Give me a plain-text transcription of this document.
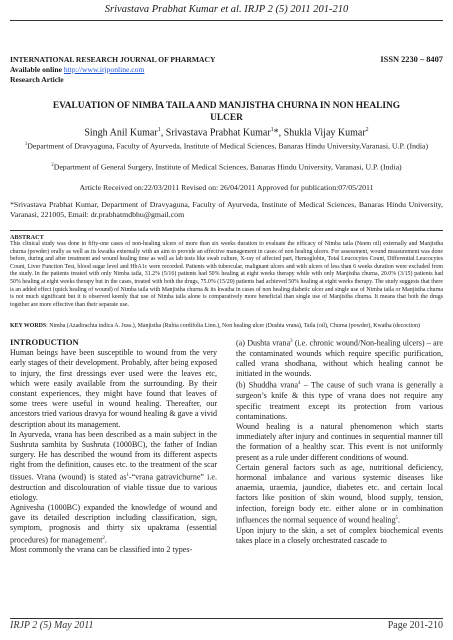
Srivastava Prabhat Kumar et al. IRJP 2 (5) 2011 201-210
INTERNATIONAL RESEARCH JOURNAL OF PHARMACY	ISSN 2230 – 8407
Available online http://www.irjponline.com
Research Article
EVALUATION OF NIMBA TAILA AND MANJISTHA CHURNA IN NON HEALING
ULCER
Singh Anil Kumar$^1$, Srivastava Prabhat Kumar$^1$*, Shukla Vijay Kumar$^2$
$^1$Department of Dravyaguna, Faculty of Ayurveda, Institute of Medical Sciences, Banaras Hindu University,Varanasi, U.P. (India)
$^2$Department of General Surgery, Institute of Medical Sciences, Banaras Hindu University, Varanasi, U.P. (India)
Article Received on:22/03/2011 Revised on: 26/04/2011 Approved for publication:07/05/2011
*Srivastava Prabhat Kumar, Department of Dravyaguna, Faculty of Ayurveda, Institute of Medical Sciences, Banaras Hindu University, Varanasi, 221005, Email: dr.prabhatmdbhu@gmail.com
ABSTRACT
This clinical study was done in fifty-one cases of non-healing ulcers of more than six weeks duration to evaluate the efficacy of Nimba taila (Neem oil) externally and Manjistha churna (powder) orally as well as its kwatha externally with an aim to provide an effective management in cases of non healing ulcers. For assessment, wound measurement was done before, during and after treatment and wound healing time as well as lab tests like swab culture, X-ray of affected part, Hemoglobin, Total Leucocytes Count, Differential Leucocytes Count, Liver Function Test, blood sugar level and HbA1c were recorded. Patients with tubercular, malignant ulcers and with ulcers of less than 6 weeks duration were excluded from the study. In the patients treated with only Nimba taila, 31.2% (5/16) patients had 50% healing at eight weeks therapy while with only Manjistha churna, 20.0% (3/15) patients had 50% healing at eight weeks therapy but in the cases, treated with both the drugs, 75.0% (15/20) patients had achieved 50% healing at eight weeks therapy. The study suggests that there is an added effect (quick healing of wound) of Nimba taila with Manjistha churna & its kwatha in cases of non healing diabetic ulcer and single use of Nimba taila or Manjistha churna is not much significant but it is observed keenly that use of Nimba taila alone is comparatively more beneficial than single use of Manjistha churna. It means that both the drugs together are more effective than their separate use.
KEY WORDS: Nimba (Azadirachta indica A. Juss.), Manjistha (Rubia cordifolia Linn.), Non healing ulcer (Dushta vrana), Taila (oil), Churna (powder), Kwatha (decoction)
INTRODUCTION

Human beings have been susceptible to wound from the very early stages of their development. Probably, after being exposed to injury, the first dressings ever used were the leaves etc, which were easily available from the surrounding. By their constant experiences, they might have found that leaves of some trees were useful in wound healing. Thereafter, our ancestors tried various dravya for wound healing & gave a vivid description about its management.

In Ayurveda, vrana has been described as a main subject in the Sushruta samhita by Sushruta (1000BC), the father of Indian surgery. He has described the wound from its different aspects right from the definition, causes etc. to the treatment of the scar tissues. Vrana (wound) is stated $as^1-“vrana$ gatravichurne” i.e. destruction and discolouration of viable tissue due to various etiology.

Agnivesha (1000BC) expanded the knowledge of wound and gave its detailed description including classification, sign, symptom, prognosis and thirty six upakrama (essential procedures) for management$^2$.

Most commonly the vrana can be classified into 2 types-

(a) Dushta vrana$^3$ (i.e. chronic wound/Non-healing ulcers) – are the contaminated wounds which require specific purification, called vrana shodhana, without which healing cannot be initiated in the wounds.

(b) Shuddha vrana$^4$ – The cause of such vrana is generally a surgeon’s knife & this type of vrana does not require any specific treatment except its protection from various contaminations.

Wound healing is a natural phenomenon which starts immediately after injury and continues in sequential manner till the formation of a healthy scar. This event is not uniformly present as a rule under different conditions of wound.

Certain general factors such as age, nutritional deficiency, hormonal imbalance and various systemic diseases like anaemia, uraemia, jaundice, diabetes etc. and certain local factors like position of skin wound, blood supply, tension, infection, foreign body etc. either alone or in combination influences the normal sequence of wound healing$^5$.

Upon injury to the skin, a set of complex biochemical events takes place in a closely orchestrated cascade to

IRJP 2 (5) May 2011	Page 201-210
